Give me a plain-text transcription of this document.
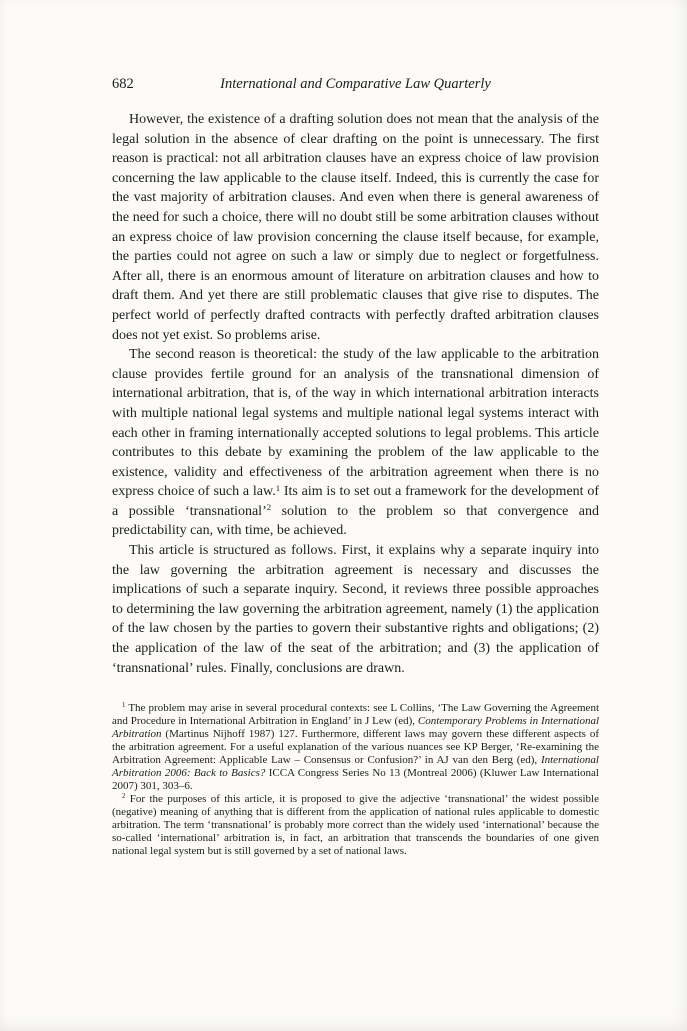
682	International and Comparative Law Quarterly

However, the existence of a drafting solution does not mean that the analysis of the legal solution in the absence of clear drafting on the point is unnecessary. The first reason is practical: not all arbitration clauses have an express choice of law provision concerning the law applicable to the clause itself. Indeed, this is currently the case for the vast majority of arbitration clauses. And even when there is general awareness of the need for such a choice, there will no doubt still be some arbitration clauses without an express choice of law provision concerning the clause itself because, for example, the parties could not agree on such a law or simply due to neglect or forgetfulness. After all, there is an enormous amount of literature on arbitration clauses and how to draft them. And yet there are still problematic clauses that give rise to disputes. The perfect world of perfectly drafted contracts with perfectly drafted arbitration clauses does not yet exist. So problems arise.

The second reason is theoretical: the study of the law applicable to the arbitration clause provides fertile ground for an analysis of the transnational dimension of international arbitration, that is, of the way in which international arbitration interacts with multiple national legal systems and multiple national legal systems interact with each other in framing internationally accepted solutions to legal problems. This article contributes to this debate by examining the problem of the law applicable to the existence, validity and effectiveness of the arbitration agreement when there is no express choice of such a law.$^1$ Its aim is to set out a framework for the development of a possible ‘transnational’$^2$ solution to the problem so that convergence and predictability can, with time, be achieved.

This article is structured as follows. First, it explains why a separate inquiry into the law governing the arbitration agreement is necessary and discusses the implications of such a separate inquiry. Second, it reviews three possible approaches to determining the law governing the arbitration agreement, namely (1) the application of the law chosen by the parties to govern their substantive rights and obligations; (2) the application of the law of the seat of the arbitration; and (3) the application of ‘transnational’ rules. Finally, conclusions are drawn.

$^1$ The problem may arise in several procedural contexts: see L Collins, ‘The Law Governing the Agreement and Procedure in International Arbitration in England’ in J Lew (ed), Contemporary Problems in International Arbitration (Martinus Nijhoff 1987) 127. Furthermore, different laws may govern these different aspects of the arbitration agreement. For a useful explanation of the various nuances see KP Berger, ‘Re-examining the Arbitration Agreement: Applicable Law – Consensus or Confusion?’ in AJ van den Berg (ed), International Arbitration 2006: Back to Basics? ICCA Congress Series No 13 (Montreal 2006) (Kluwer Law International 2007) 301, 303–6.

$^2$ For the purposes of this article, it is proposed to give the adjective ‘transnational’ the widest possible (negative) meaning of anything that is different from the application of national rules applicable to domestic arbitration. The term ‘transnational’ is probably more correct than the widely used ‘international’ because the so-called ‘international’ arbitration is, in fact, an arbitration that transcends the boundaries of one given national legal system but is still governed by a set of national laws.
